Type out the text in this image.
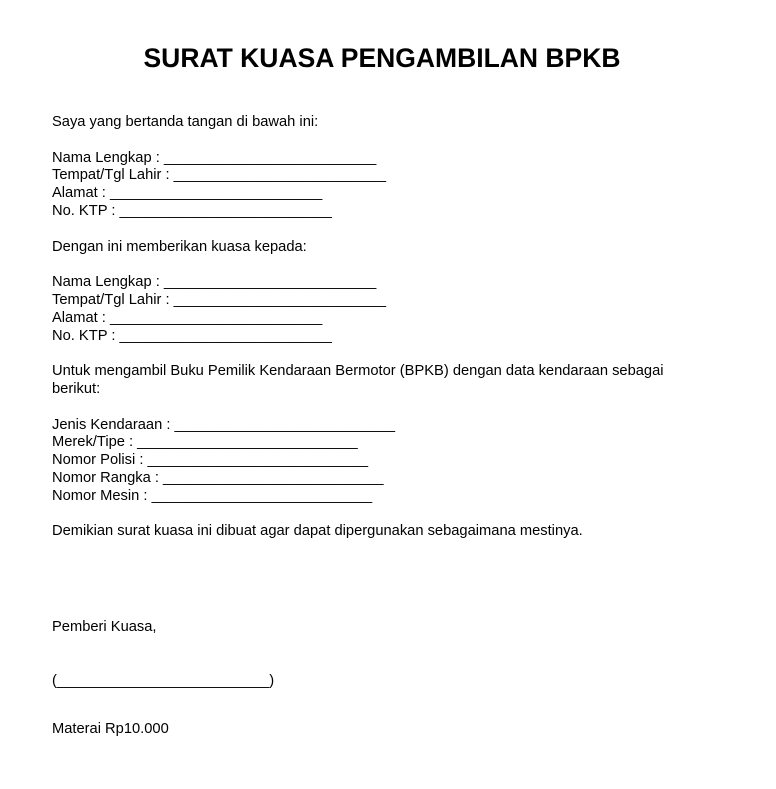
SURAT KUASA PENGAMBILAN BPKB
Saya yang bertanda tangan di bawah ini:
Nama Lengkap : __________________________
Tempat/Tgl Lahir : __________________________
Alamat : __________________________
No. KTP : __________________________
Dengan ini memberikan kuasa kepada:
Nama Lengkap : __________________________
Tempat/Tgl Lahir : __________________________
Alamat : __________________________
No. KTP : __________________________
Untuk mengambil Buku Pemilik Kendaraan Bermotor (BPKB) dengan data kendaraan sebagai berikut:
Jenis Kendaraan : ___________________________
Merek/Tipe : ___________________________
Nomor Polisi : ___________________________
Nomor Rangka : ___________________________
Nomor Mesin : ___________________________
Demikian surat kuasa ini dibuat agar dapat dipergunakan sebagaimana mestinya.
Pemberi Kuasa,
(__________________________)
Materai Rp10.000
